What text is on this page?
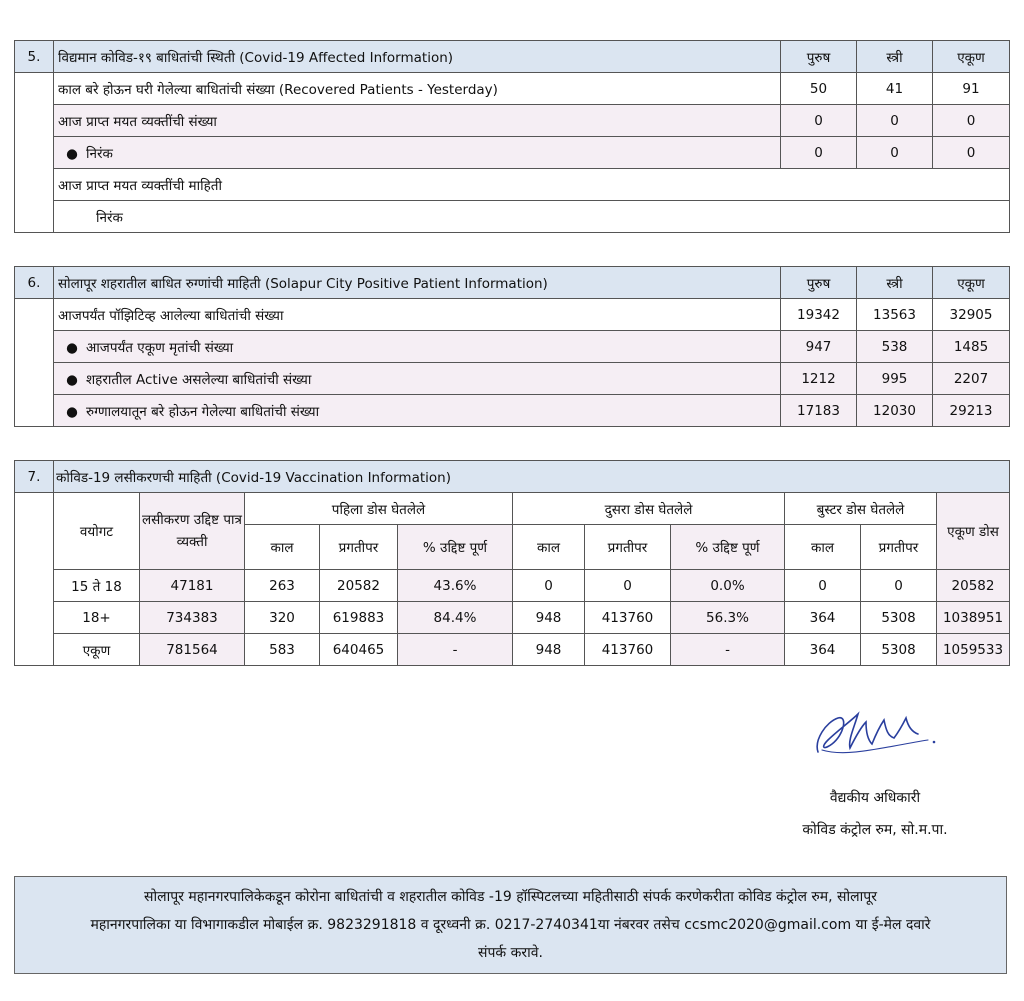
5.	विद्यमान कोविड-१९ बाधितांची स्थिती (Covid-19 Affected Information)	पुरुष	स्त्री	एकूण
	काल बरे होऊन घरी गेलेल्या बाधितांची संख्या (Recovered Patients - Yesterday)	50	41	91
	आज प्राप्त मयत व्यक्तींची संख्या	0	0	0
	● निरंक	0	0	0
	आज प्राप्त मयत व्यक्तींची माहिती			
	निरंक			
6.	सोलापूर शहरातील बाधित रुग्णांची माहिती (Solapur City Positive Patient Information)	पुरुष	स्त्री	एकूण
	आजपर्यंत पॉझिटिव्ह आलेल्या बाधितांची संख्या	19342	13563	32905
	● आजपर्यंत एकूण मृतांची संख्या	947	538	1485
	● शहरातील Active असलेल्या बाधितांची संख्या	1212	995	2207
	● रुग्णालयातून बरे होऊन गेलेल्या बाधितांची संख्या	17183	12030	29213
7.	कोविड-19 लसीकरणची माहिती (Covid-19 Vaccination Information)										
	वयोगट	लसीकरण उद्दिष्ट पात्र व्यक्ती	पहिला डोस घेतलेले			दुसरा डोस घेतलेले			बुस्टर डोस घेतलेले		एकूण डोस
			काल	प्रगतीपर	% उद्दिष्ट पूर्ण	काल	प्रगतीपर	% उद्दिष्ट पूर्ण	काल	प्रगतीपर	
	15 ते 18	47181	263	20582	43.6%	0	0	0.0%	0	0	20582
	18+	734383	320	619883	84.4%	948	413760	56.3%	364	5308	1038951
	एकूण	781564	583	640465	-	948	413760	-	364	5308	1059533
वैद्यकीय अधिकारी
कोविड कंट्रोल रुम, सो.म.पा.
सोलापूर महानगरपालिकेकडून कोरोना बाधितांची व शहरातील कोविड -19 हॉस्पिटलच्या महितीसाठी संपर्क करणेकरीता कोविड कंट्रोल रुम, सोलापूर
महानगरपालिका या विभागाकडील मोबाईल क्र. 9823291818 व दूरध्वनी क्र. 0217-2740341या नंबरवर तसेच ccsmc2020@gmail.com या ई-मेल दवारे
संपर्क करावे.
